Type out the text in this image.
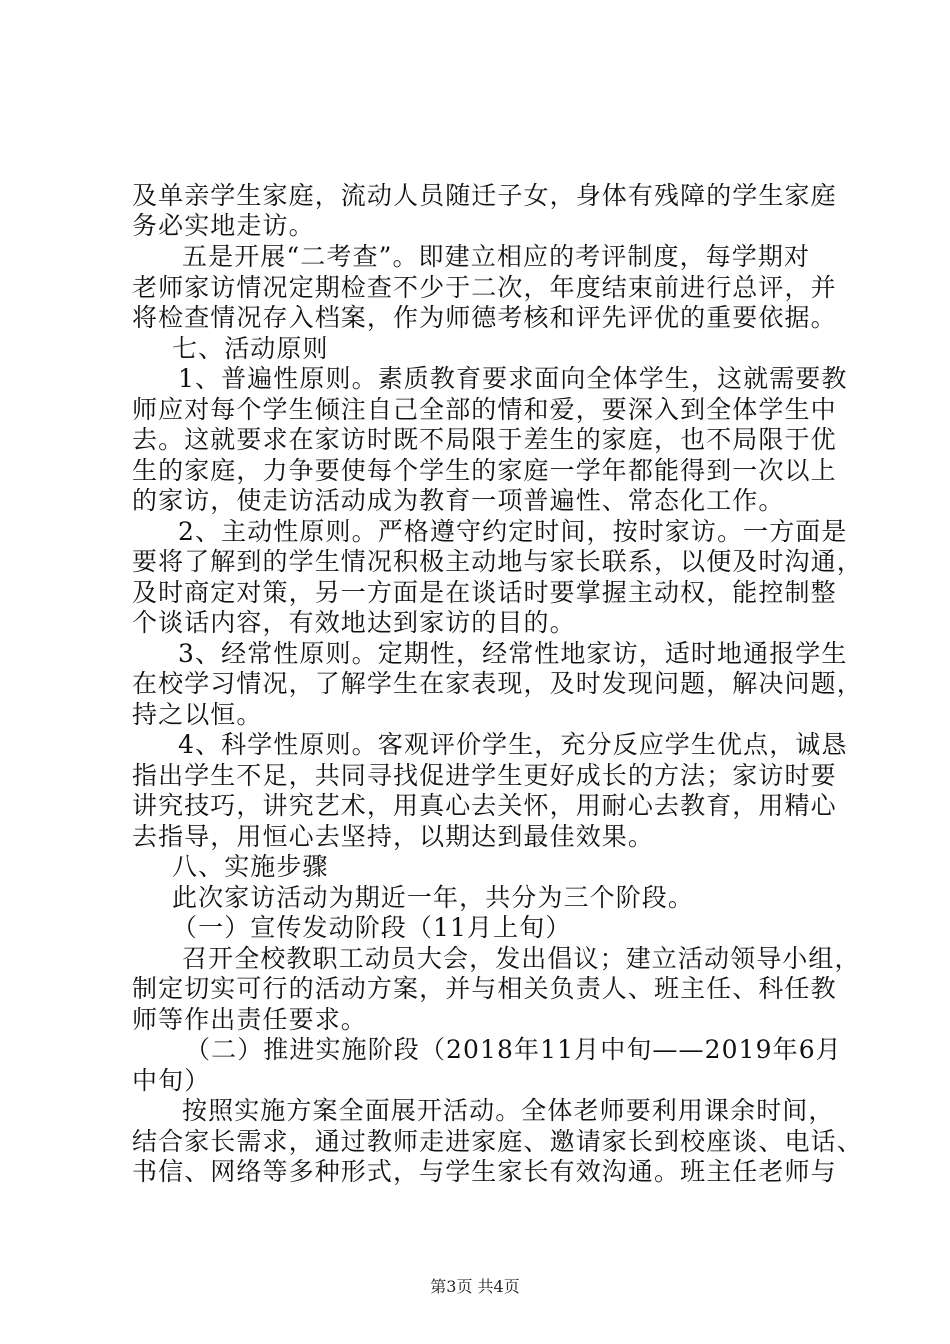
及单亲学生家庭，流动人员随迁子女，身体有残障的学生家庭
务必实地走访。
五是开展“二考查”。即建立相应的考评制度，每学期对
老师家访情况定期检查不少于二次，年度结束前进行总评，并
将检查情况存入档案，作为师德考核和评先评优的重要依据。
七、活动原则
1、普遍性原则。素质教育要求面向全体学生，这就需要教
师应对每个学生倾注自己全部的情和爱，要深入到全体学生中
去。这就要求在家访时既不局限于差生的家庭，也不局限于优
生的家庭，力争要使每个学生的家庭一学年都能得到一次以上
的家访，使走访活动成为教育一项普遍性、常态化工作。
2、主动性原则。严格遵守约定时间，按时家访。一方面是
要将了解到的学生情况积极主动地与家长联系，以便及时沟通，
及时商定对策，另一方面是在谈话时要掌握主动权，能控制整
个谈话内容，有效地达到家访的目的。
3、经常性原则。定期性，经常性地家访，适时地通报学生
在校学习情况，了解学生在家表现，及时发现问题，解决问题，
持之以恒。
4、科学性原则。客观评价学生，充分反应学生优点，诚恳
指出学生不足，共同寻找促进学生更好成长的方法；家访时要
讲究技巧，讲究艺术，用真心去关怀，用耐心去教育，用精心
去指导，用恒心去坚持，以期达到最佳效果。
八、实施步骤
此次家访活动为期近一年，共分为三个阶段。
（一）宣传发动阶段（11月上旬）
召开全校教职工动员大会，发出倡议；建立活动领导小组，
制定切实可行的活动方案，并与相关负责人、班主任、科任教
师等作出责任要求。
（二）推进实施阶段（2018年11月中旬——2019年6月
中旬）
按照实施方案全面展开活动。全体老师要利用课余时间，
结合家长需求，通过教师走进家庭、邀请家长到校座谈、电话、
书信、网络等多种形式，与学生家长有效沟通。班主任老师与
第3页 共4页
